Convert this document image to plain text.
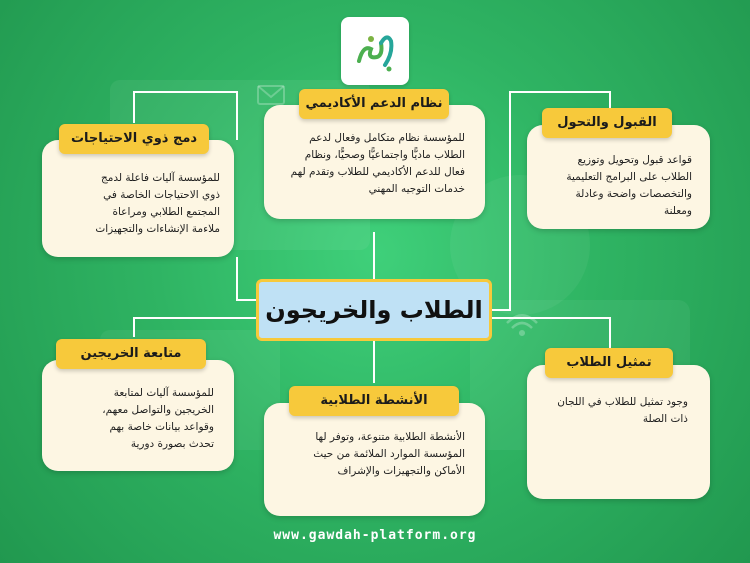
الطلاب والخريجون
للمؤسسة آليات فاعلة لدمج
ذوي الاحتياجات الخاصة في
المجتمع الطلابي ومراعاة
ملاءمة الإنشاءات والتجهيزات
دمج ذوي الاحتياجات	للمؤسسة نظام متكامل وفعال لدعم
الطلاب ماديًّا واجتماعيًّا وصحيًّا، ونظام
فعال للدعم الأكاديمي للطلاب وتقدم لهم
خدمات التوجيه المهني
نظام الدعم الأكاديمي
قواعد قبول وتحويل وتوزيع
الطلاب على البرامج التعليمية
والتخصصات واضحة وعادلة
ومعلنة
القبول والتحول
للمؤسسة آليات لمتابعة
الخريجين والتواصل معهم،
وقواعد بيانات خاصة بهم
تحدث بصورة دورية
متابعة الخريجين
الأنشطة الطلابية متنوعة، وتوفر لها
المؤسسة الموارد الملائمة من حيث
الأماكن والتجهيزات والإشراف
الأنشطة الطلابية	وجود تمثيل للطلاب في اللجان
ذات الصلة
تمثيل الطلاب
www.gawdah-platform.org
